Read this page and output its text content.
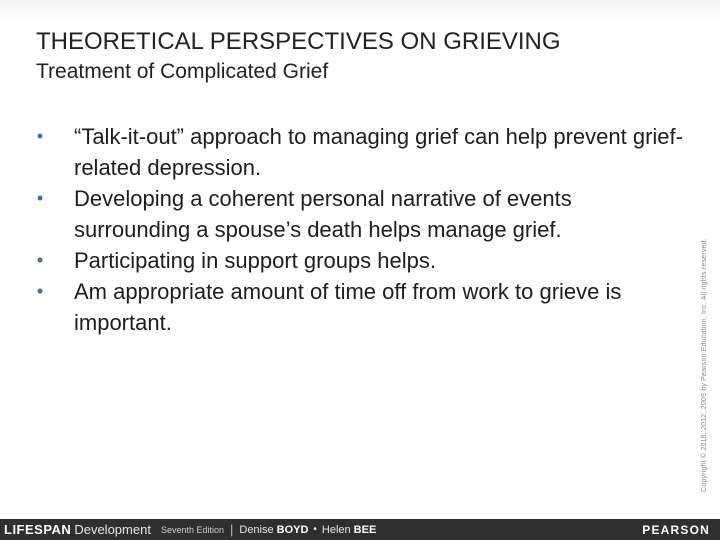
THEORETICAL PERSPECTIVES ON GRIEVING
Treatment of Complicated Grief
•	“Talk-it-out” approach to managing grief can help prevent grief-related depression.
•	Developing a coherent personal narrative of events surrounding a spouse’s death helps manage grief.
•	Participating in support groups helps.
•	Am appropriate amount of time off from work to grieve is important.	Copyright © 2015, 2012, 2009 by Pearson Education, Inc. All rights reserved.
LIFESPAN Development Seventh Edition | Denise BOYD • Helen BEE	PEARSON
